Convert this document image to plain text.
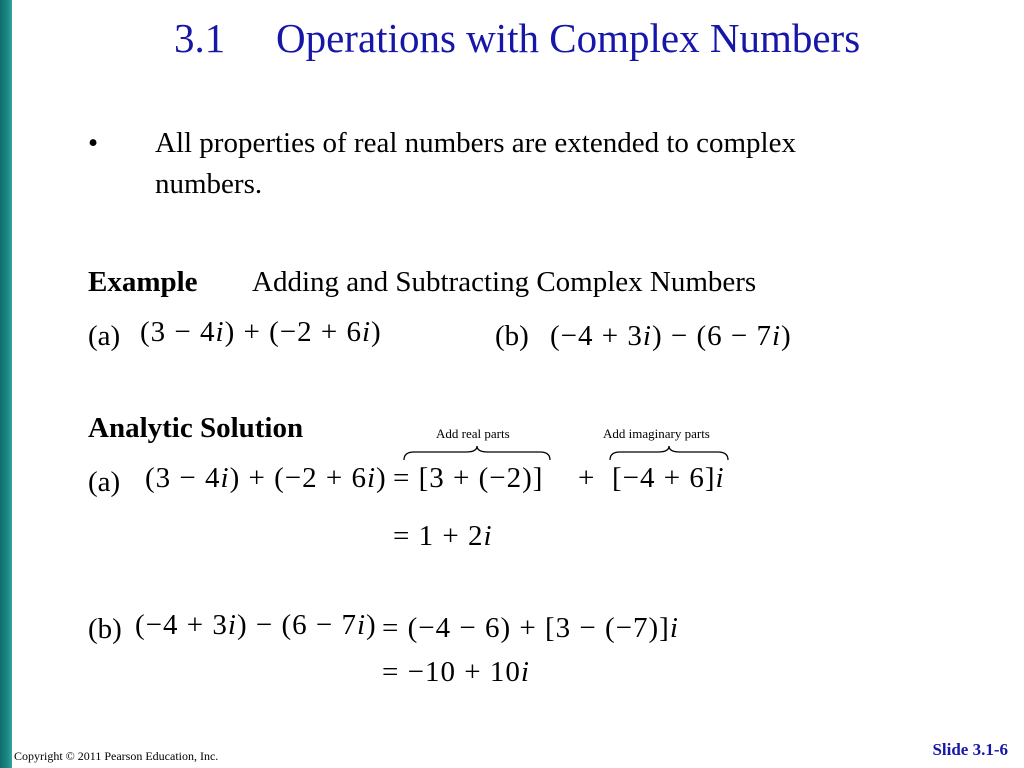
3.1 Operations with Complex Numbers
• All properties of real numbers are extended to complex
numbers.
Example Adding and Subtracting Complex Numbers
(a) (3 − 4i) + (−2 + 6i)	(b) (−4 + 3i) − (6 − 7i)
Analytic Solution	Add real parts	Add imaginary parts
(a) (3 − 4i) + (−2 + 6i) = [3 + (−2)] + [−4 + 6]i
= 1 + 2i
(b) (−4 + 3i) − (6 − 7i) = (−4 − 6) + [3 − (−7)]i
= −10 + 10i
Copyright © 2011 Pearson Education, Inc.	Slide 3.1-6
